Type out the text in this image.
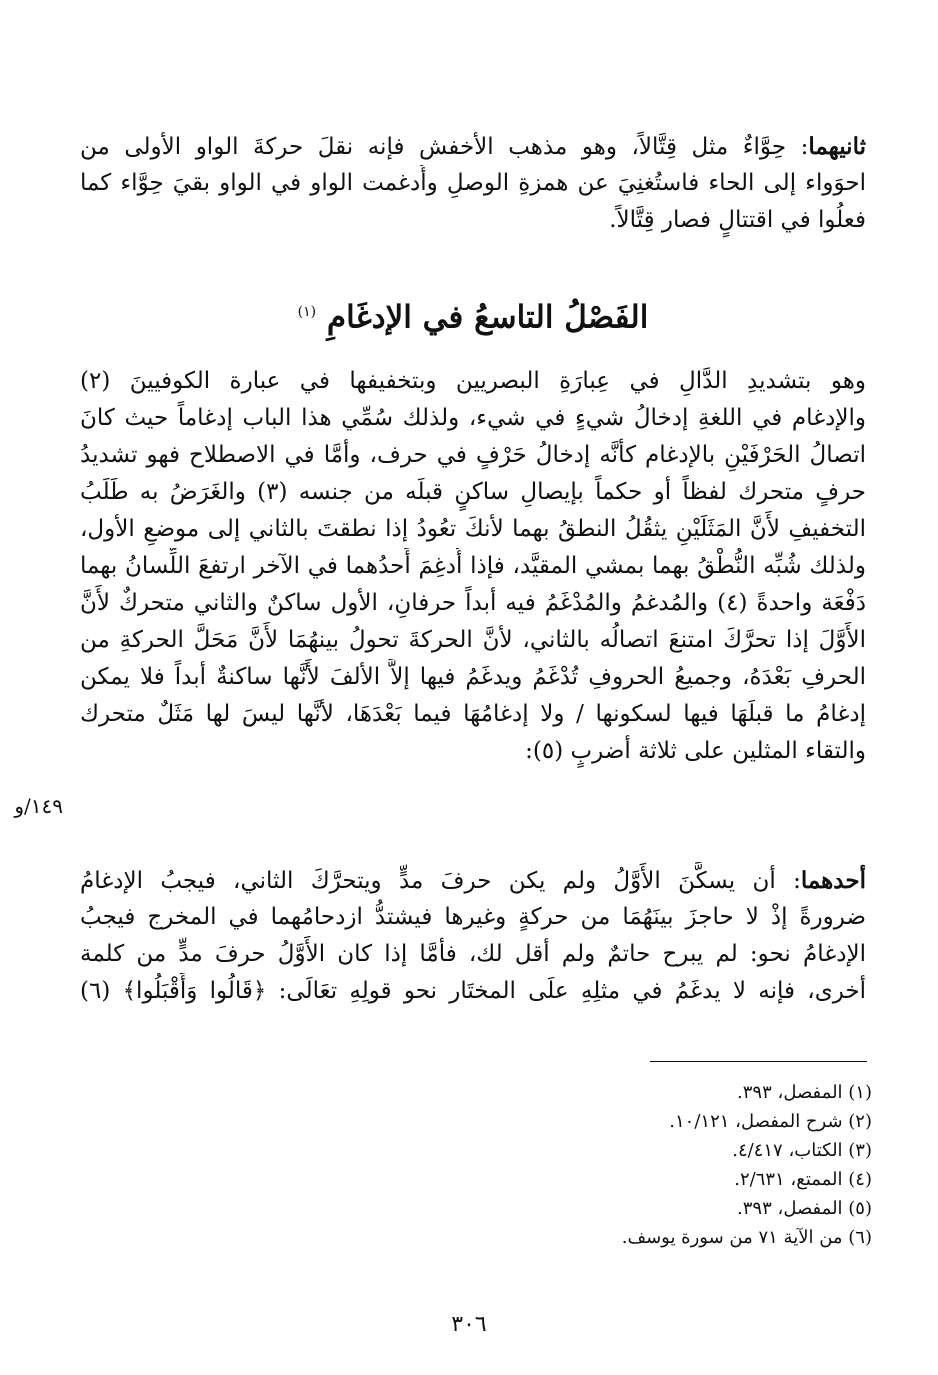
ثانيهما: حِوَّاءٌ مثل قِتَّالاً، وهو مذهب الأخفش فإنه نقلَ حركةَ الواو الأولى من
احوَواء إلى الحاء فاستُغنِيَ عن همزةِ الوصلِ وأُدغمت الواو في الواو بقيَ حِوَّاء كما
فعلُوا في اقتتالٍ فصار قِتَّالاً.
الفَصْلُ التاسعُ في الإدغَامِ $^{(١)}$
وهو بتشديدِ الدَّالِ في عِبارَةِ البصريين وبتخفيفها في عبارة الكوفيينَ (٢)
والإدغام في اللغةِ إدخالُ شيءٍ في شيء، ولذلك سُمِّي هذا الباب إدغاماً حيث كانَ
اتصالُ الحَرْفَيْنِ بالإدغام كأنَّه إدخالُ حَرْفٍ في حرف، وأمَّا في الاصطلاح فهو تشديدُ
حرفٍ متحرك لفظاً أو حكماً بإيصالِ ساكنٍ قبلَه من جنسه (٣) والغَرَضُ به طَلَبُ
التخفيفِ لأَنَّ المَثَلَيْنِ يثقُلُ النطقُ بهما لأنكَ تعُودُ إذا نطقتَ بالثاني إلى موضعِ الأول،
ولذلك شُبِّه النُّطْقُ بهما بمشي المقيَّد، فإذا أُدغِمَ أَحدُهما في الآخر ارتفعَ اللِّسانُ بهما
دَفْعَة واحدةً (٤) والمُدغمُ والمُدْغَمُ فيه أبداً حرفانِ، الأول ساكنٌ والثاني متحركٌ لأَنَّ
الأَوَّلَ إذا تحرَّكَ امتنعَ اتصالُه بالثاني، لأنَّ الحركةَ تحولُ بينهُمَا لأَنَّ مَحَلَّ الحركةِ من
الحرفِ بَعْدَهُ، وجميعُ الحروفِ تُدْغَمُ ويدغَمُ فيها إلاَّ الألفَ لأَنَّها ساكنةٌ أبداً فلا يمكن
إدغامُ ما قبلَهَا فيها لسكونها / ولا إدغامُهَا فيما بَعْدَهَا، لأنَّها ليسَ لها مَثَلٌ متحرك
والتقاء المثلين على ثلاثة أضربٍ (٥):
١٤٩/و
أحدهما: أن يسكَّنَ الأَوَّلُ ولم يكن حرفَ مدٍّ ويتحرَّكَ الثاني، فيجبُ الإدغامُ
ضرورةً إذْ لا حاجزَ بينَهُمَا من حركةٍ وغيرها فيشتدُّ ازدحامُهما في المخرج فيجبُ
الإدغامُ نحو: لم يبرح حاتمٌ ولم أقل لك، فأمَّا إذا كان الأَوَّلُ حرفَ مدٍّ من كلمة
أخرى، فإنه لا يدغَمُ في مثلِهِ علَى المختَار نحو قولِهِ تعَالَى: ﴿قَالُوا وَأَقْبَلُوا﴾ (٦)
(١) المفصل، ٣٩٣.
(٢) شرح المفصل، ١٠/١٢١.
(٣) الكتاب، ٤/٤١٧.
(٤) الممتع، ٢/٦٣١.
(٥) المفصل، ٣٩٣.
(٦) من الآية ٧١ من سورة يوسف.
٣٠٦
